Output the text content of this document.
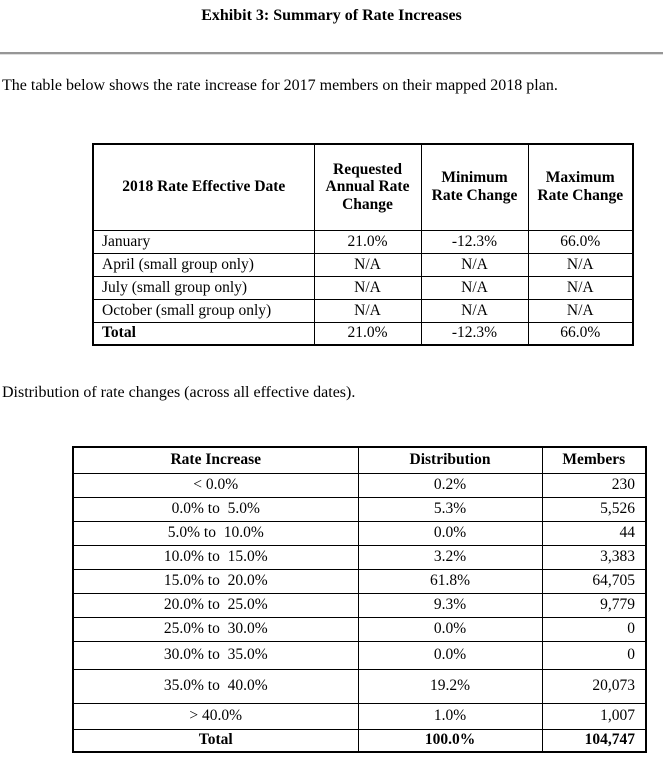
Exhibit 3: Summary of Rate Increases

The table below shows the rate increase for 2017 members on their mapped 2018 plan.

2018 Rate Effective Date	Requested Annual Rate Change	Minimum Rate Change	Maximum Rate Change
January	21.0%	-12.3%	66.0%
April (small group only)	N/A	N/A	N/A
July (small group only)	N/A	N/A	N/A
October (small group only)	N/A	N/A	N/A
Total	21.0%	-12.3%	66.0%

Distribution of rate changes (across all effective dates).

Rate Increase	Distribution	Members
< 0.0%	0.2%	230
0.0% to  5.0%	5.3%	5,526
5.0% to  10.0%	0.0%	44
10.0% to  15.0%	3.2%	3,383
15.0% to  20.0%	61.8%	64,705
20.0% to  25.0%	9.3%	9,779
25.0% to  30.0%	0.0%	0
30.0% to  35.0%	0.0%	0
35.0% to  40.0%	19.2%	20,073
> 40.0%	1.0%	1,007
Total	100.0%	104,747
